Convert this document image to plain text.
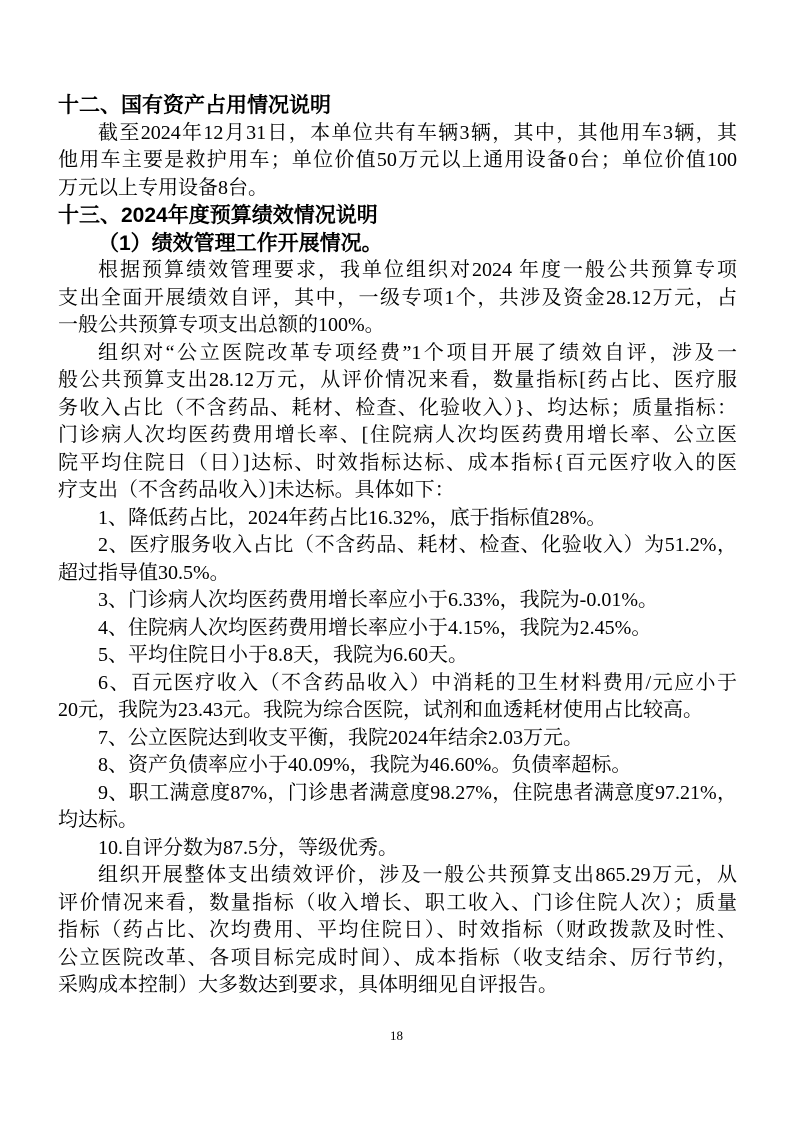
十二、国有资产占用情况说明
截至2024年12月31日，本单位共有车辆3辆，其中，其他用车3辆，其
他用车主要是救护用车；单位价值50万元以上通用设备0台；单位价值100
万元以上专用设备8台。
十三、2024年度预算绩效情况说明
（1）绩效管理工作开展情况。
根据预算绩效管理要求，我单位组织对2024 年度一般公共预算专项
支出全面开展绩效自评，其中，一级专项1个，共涉及资金28.12万元，占
一般公共预算专项支出总额的100%。
组织对“公立医院改革专项经费”1个项目开展了绩效自评，涉及一
般公共预算支出28.12万元，从评价情况来看，数量指标[药占比、医疗服
务收入占比（不含药品、耗材、检查、化验收入）}、均达标；质量指标：
门诊病人次均医药费用增长率、[住院病人次均医药费用增长率、公立医
院平均住院日（日）]达标、时效指标达标、成本指标{百元医疗收入的医
疗支出（不含药品收入）]未达标。具体如下：
1、降低药占比，2024年药占比16.32%，底于指标值28%。
2、医疗服务收入占比（不含药品、耗材、检查、化验收入）为51.2%，
超过指导值30.5%。
3、门诊病人次均医药费用增长率应小于6.33%，我院为-0.01%。
4、住院病人次均医药费用增长率应小于4.15%，我院为2.45%。
5、平均住院日小于8.8天，我院为6.60天。
6、百元医疗收入（不含药品收入）中消耗的卫生材料费用/元应小于
20元，我院为23.43元。我院为综合医院，试剂和血透耗材使用占比较高。
7、公立医院达到收支平衡，我院2024年结余2.03万元。
8、资产负债率应小于40.09%，我院为46.60%。负债率超标。
9、职工满意度87%，门诊患者满意度98.27%，住院患者满意度97.21%，
均达标。
10.自评分数为87.5分，等级优秀。
组织开展整体支出绩效评价，涉及一般公共预算支出865.29万元，从
评价情况来看，数量指标（收入增长、职工收入、门诊住院人次）；质量
指标（药占比、次均费用、平均住院日）、时效指标（财政拨款及时性、
公立医院改革、各项目标完成时间）、成本指标（收支结余、厉行节约，
采购成本控制）大多数达到要求，具体明细见自评报告。
18
